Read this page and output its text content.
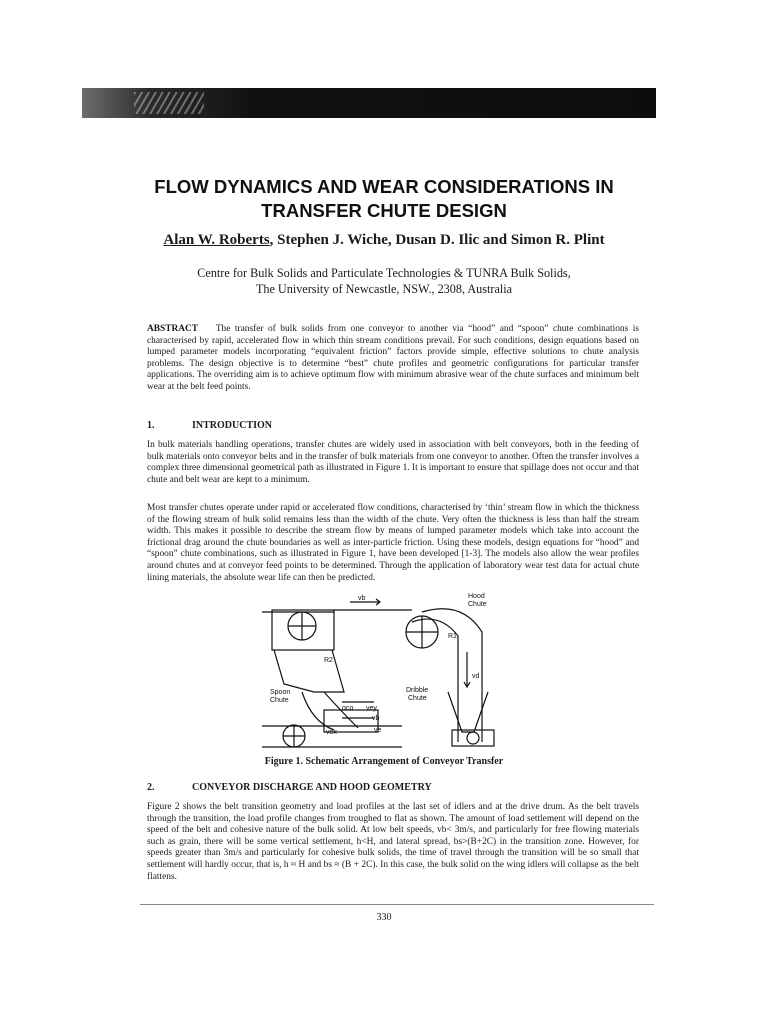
FLOW DYNAMICS AND WEAR CONSIDERATIONS IN
TRANSFER CHUTE DESIGN
Alan W. Roberts, Stephen J. Wiche, Dusan D. Ilic and Simon R. Plint
Centre for Bulk Solids and Particulate Technologies & TUNRA Bulk Solids,
The University of Newcastle, NSW., 2308, Australia
ABSTRACT The transfer of bulk solids from one conveyor to another via “hood” and “spoon” chute combinations is characterised by rapid, accelerated flow in which thin stream conditions prevail. For such conditions, design equations based on lumped parameter models incorporating “equivalent friction” factors provide simple, effective solutions to chute analysis problems. The design objective is to determine “best” chute profiles and geometric configurations for particular transfer applications. The overriding aim is to achieve optimum flow with minimum abrasive wear of the chute surfaces and minimum belt wear at the belt feed points.
1.	INTRODUCTION
In bulk materials handling operations, transfer chutes are widely used in association with belt conveyors, both in the feeding of bulk materials onto conveyor belts and in the transfer of bulk materials from one conveyor to another. Often the transfer involves a complex three dimensional geometrical path as illustrated in Figure 1. It is important to ensure that spillage does not occur and that chute and belt wear are kept to a minimum.
Most transfer chutes operate under rapid or accelerated flow conditions, characterised by ‘thin’ stream flow in which the thickness of the flowing stream of bulk solid remains less than the width of the chute. Very often the thickness is less than half the stream width. This makes it possible to describe the stream flow by means of lumped parameter models which take into account the frictional drag around the chute boundaries as well as inter-particle friction. Using these models, design equations for “hood” and “spoon” chute combinations, such as illustrated in Figure 1, have been developed [1-3]. The models also allow the wear profiles around chutes and at conveyor feed points to be determined. Through the application of laboratory wear test data for actual chute lining materials, the absolute wear life can then be predicted.
Hood
Chute
vb
R1
R2
vd
Spoon
Chute
Dribble
Chute
αco vey
vb
vex	ve
Figure 1. Schematic Arrangement of Conveyor Transfer
2.	CONVEYOR DISCHARGE AND HOOD GEOMETRY
Figure 2 shows the belt transition geometry and load profiles at the last set of idlers and at the drive drum. As the belt travels through the transition, the load profile changes from troughed to flat as shown. The amount of load settlement will depend on the speed of the belt and cohesive nature of the bulk solid. At low belt speeds, vb< 3m/s, and particularly for free flowing materials such as grain, there will be some vertical settlement, h<H, and lateral spread, bs>(B+2C) in the transition zone. However, for speeds greater than 3m/s and particularly for cohesive bulk solids, the time of travel through the transition will be so small that settlement will hardly occur, that is, h ≈ H and bs ≈ (B + 2C). In this case, the bulk solid on the wing idlers will collapse as the belt flattens.
330
